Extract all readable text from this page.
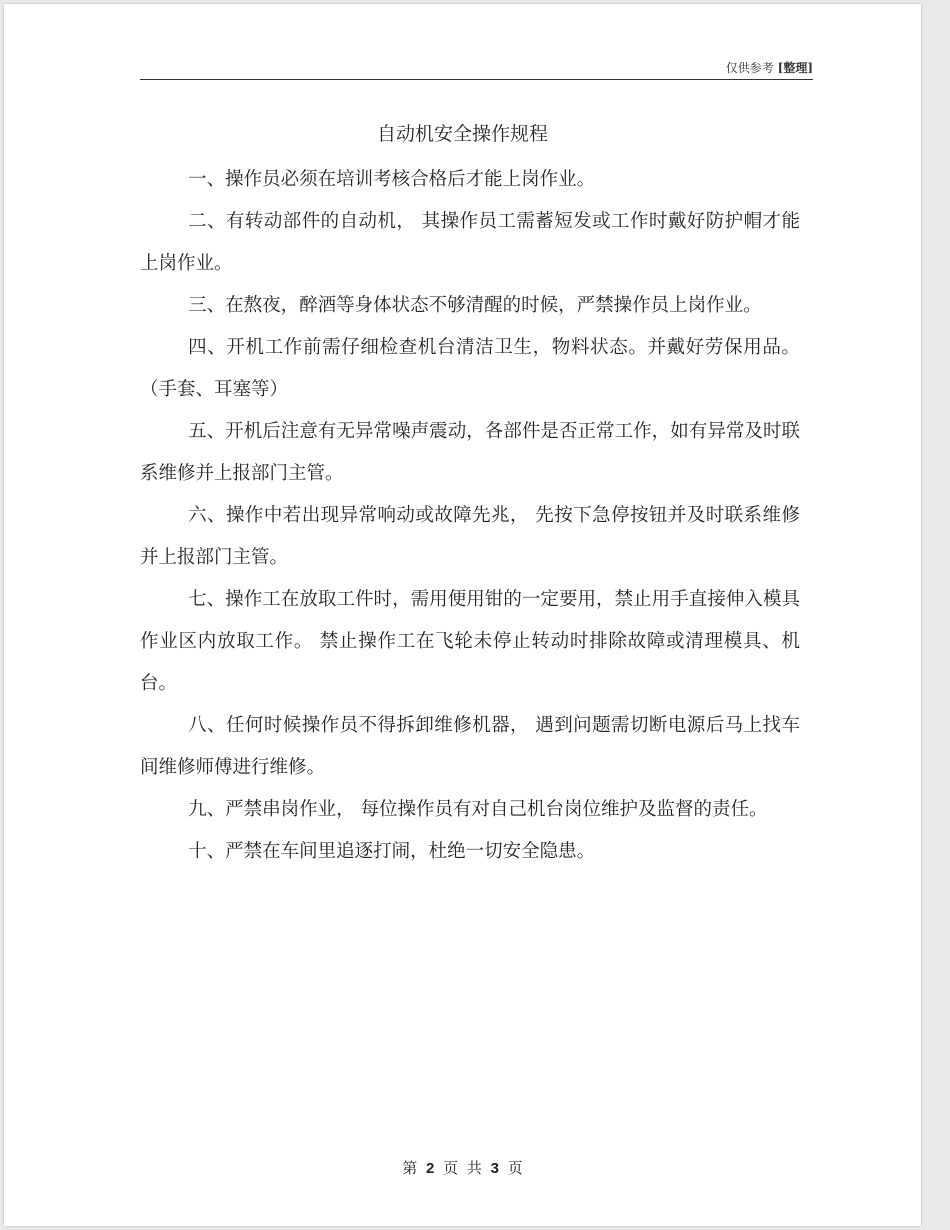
仅供参考 [整理]
自动机安全操作规程

一、操作员必须在培训考核合格后才能上岗作业。

二、有转动部件的自动机， 其操作员工需蓄短发或工作时戴好防护帽才能上岗作业。

三、在熬夜，醉酒等身体状态不够清醒的时候，严禁操作员上岗作业。

四、开机工作前需仔细检查机台清洁卫生，物料状态。并戴好劳保用品。（手套、耳塞等）

五、开机后注意有无异常噪声震动，各部件是否正常工作，如有异常及时联系维修并上报部门主管。

六、操作中若出现异常响动或故障先兆， 先按下急停按钮并及时联系维修并上报部门主管。

七、操作工在放取工件时，需用便用钳的一定要用，禁止用手直接伸入模具作业区内放取工作。 禁止操作工在飞轮未停止转动时排除故障或清理模具、机台。

八、任何时候操作员不得拆卸维修机器， 遇到问题需切断电源后马上找车间维修师傅进行维修。

九、严禁串岗作业， 每位操作员有对自己机台岗位维护及监督的责任。

十、严禁在车间里追逐打闹，杜绝一切安全隐患。

第 2 页 共 3 页
